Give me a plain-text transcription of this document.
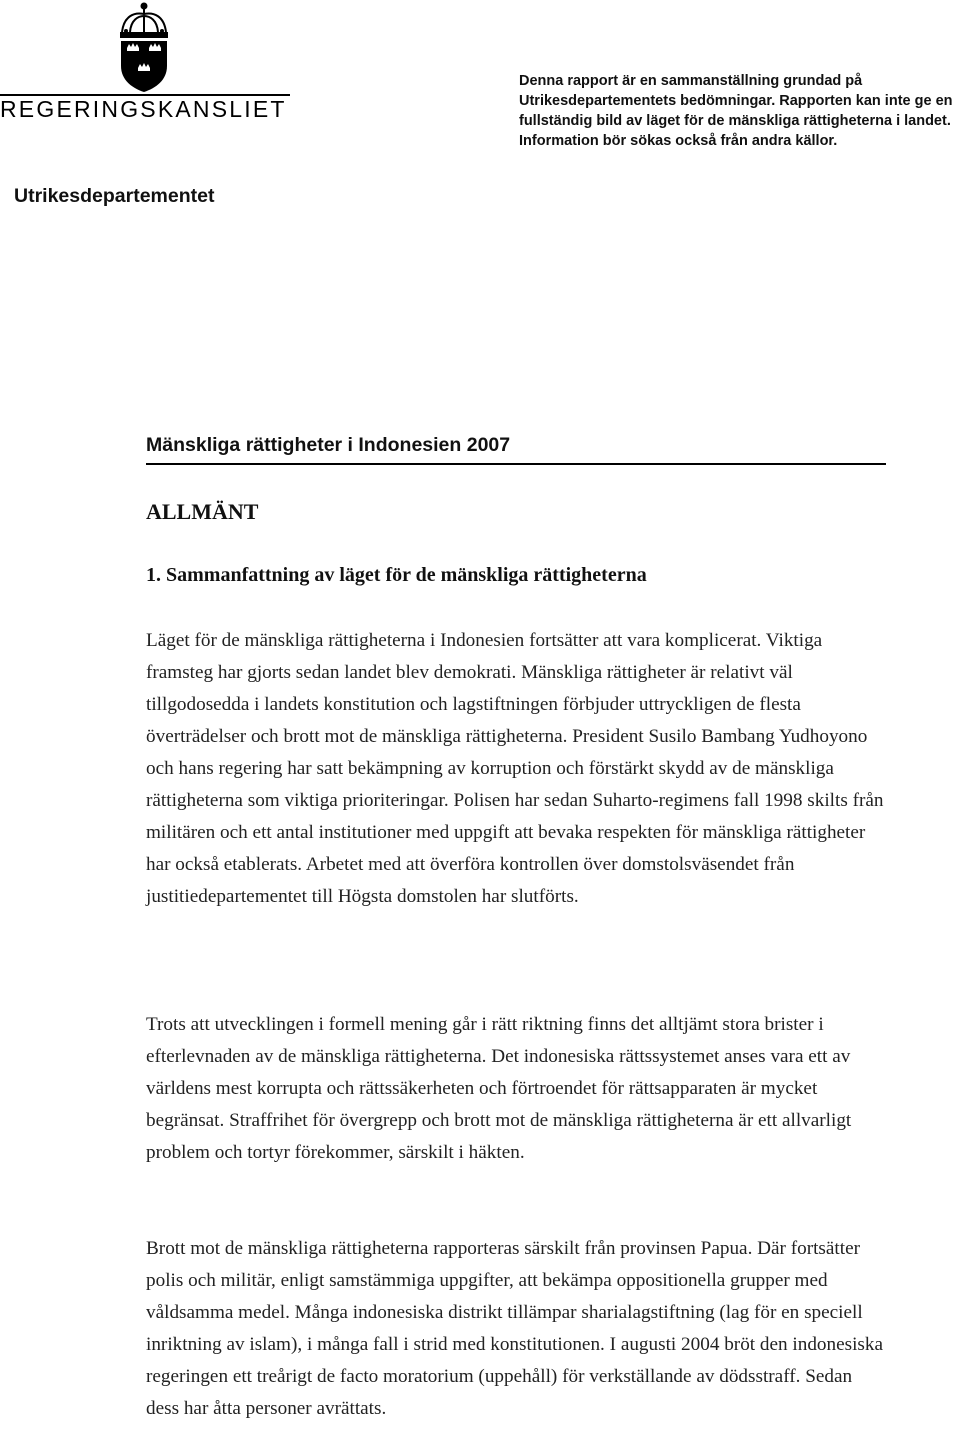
REGERINGSKANSLIET
Denna rapport är en sammanställning grundad på Utrikesdepartementets bedömningar. Rapporten kan inte ge en fullständig bild av läget för de mänskliga rättigheterna i landet. Information bör sökas också från andra källor.
Utrikesdepartementet
Mänskliga rättigheter i Indonesien 2007
ALLMÄNT
1. Sammanfattning av läget för de mänskliga rättigheterna

Läget för de mänskliga rättigheterna i Indonesien fortsätter att vara komplicerat. Viktiga framsteg har gjorts sedan landet blev demokrati. Mänskliga rättigheter är relativt väl tillgodosedda i landets konstitution och lagstiftningen förbjuder uttryckligen de flesta överträdelser och brott mot de mänskliga rättigheterna. President Susilo Bambang Yudhoyono och hans regering har satt bekämpning av korruption och förstärkt skydd av de mänskliga rättigheterna som viktiga prioriteringar. Polisen har sedan Suharto-regimens fall 1998 skilts från militären och ett antal institutioner med uppgift att bevaka respekten för mänskliga rättigheter har också etablerats. Arbetet med att överföra kontrollen över domstolsväsendet från justitiedepartementet till Högsta domstolen har slutförts.

Trots att utvecklingen i formell mening går i rätt riktning finns det alltjämt stora brister i efterlevnaden av de mänskliga rättigheterna. Det indonesiska rättssystemet anses vara ett av världens mest korrupta och rättssäkerheten och förtroendet för rättsapparaten är mycket begränsat. Straffrihet för övergrepp och brott mot de mänskliga rättigheterna är ett allvarligt problem och tortyr förekommer, särskilt i häkten.

Brott mot de mänskliga rättigheterna rapporteras särskilt från provinsen Papua. Där fortsätter polis och militär, enligt samstämmiga uppgifter, att bekämpa oppositionella grupper med våldsamma medel. Många indonesiska distrikt tillämpar sharialagstiftning (lag för en speciell inriktning av islam), i många fall i strid med konstitutionen. I augusti 2004 bröt den indonesiska regeringen ett treårigt de facto moratorium (uppehåll) för verkställande av dödsstraff. Sedan dess har åtta personer avrättats.
